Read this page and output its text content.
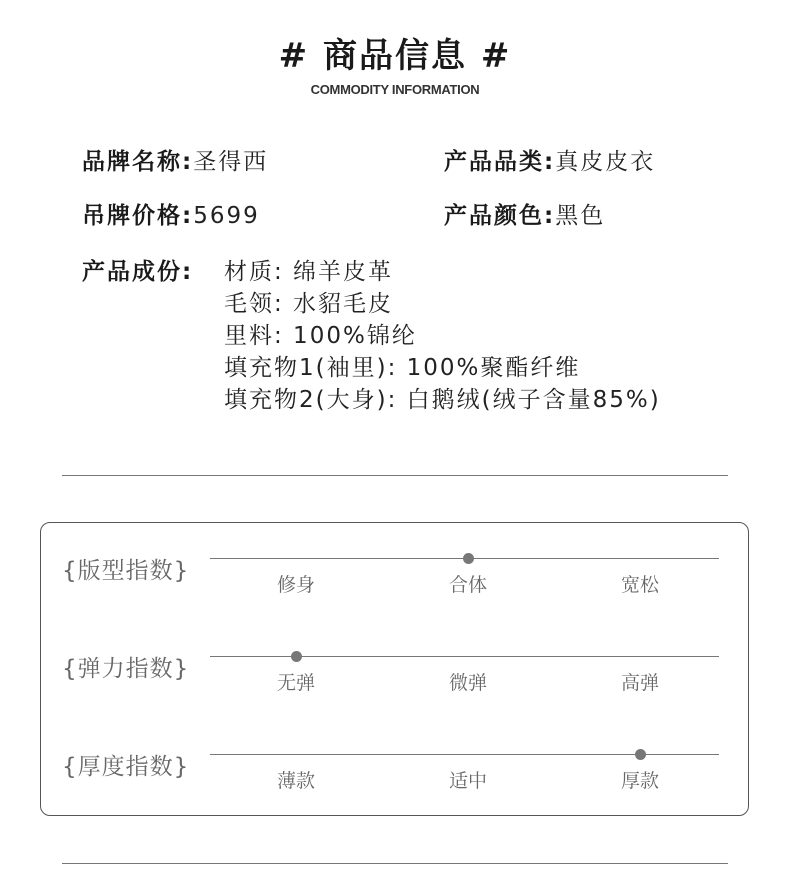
# 商品信息 #
COMMODITY INFORMATION
品牌名称:圣得西	产品品类:真皮皮衣
吊牌价格:5699	产品颜色:黑色
产品成份: 材质: 绵羊皮革
毛领: 水貂毛皮
里料: 100%锦纶
填充物1(袖里): 100%聚酯纤维
填充物2(大身): 白鹅绒(绒子含量85%)
{版型指数}
修身	合体	宽松
{弹力指数}
无弹	微弹	高弹
{厚度指数}
薄款	适中	厚款
